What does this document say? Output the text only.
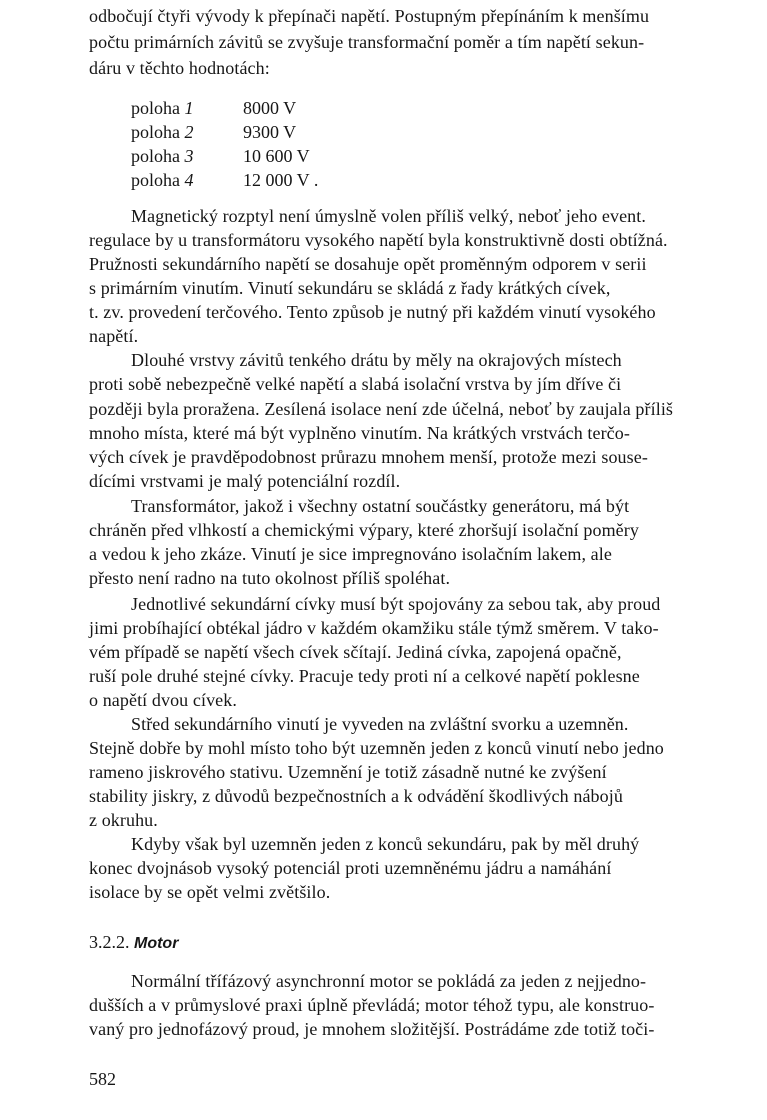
odbočují čtyři vývody k přepínači napětí. Postupným přepínáním k menšímu
počtu primárních závitů se zvyšuje transformační poměr a tím napětí sekun-
dáru v těchto hodnotách:
poloha 1	8000 V
poloha 2	9300 V
poloha 3	10 600 V
poloha 4	12 000 V .
Magnetický rozptyl není úmyslně volen příliš velký, neboť jeho event.
regulace by u transformátoru vysokého napětí byla konstruktivně dosti obtížná.
Pružnosti sekundárního napětí se dosahuje opět proměnným odporem v serii
s primárním vinutím. Vinutí sekundáru se skládá z řady krátkých cívek,
t. zv. provedení terčového. Tento způsob je nutný při každém vinutí vysokého
napětí.
Dlouhé vrstvy závitů tenkého drátu by měly na okrajových místech
proti sobě nebezpečně velké napětí a slabá isolační vrstva by jím dříve či
později byla proražena. Zesílená isolace není zde účelná, neboť by zaujala příliš
mnoho místa, které má být vyplněno vinutím. Na krátkých vrstvách terčo-
vých cívek je pravděpodobnost průrazu mnohem menší, protože mezi souse-
dícími vrstvami je malý potenciální rozdíl.
Transformátor, jakož i všechny ostatní součástky generátoru, má být
chráněn před vlhkostí a chemickými výpary, které zhoršují isolační poměry
a vedou k jeho zkáze. Vinutí je sice impregnováno isolačním lakem, ale
přesto není radno na tuto okolnost příliš spoléhat.
Jednotlivé sekundární cívky musí být spojovány za sebou tak, aby proud
jimi probíhající obtékal jádro v každém okamžiku stále týmž směrem. V tako-
vém případě se napětí všech cívek sčítají. Jediná cívka, zapojená opačně,
ruší pole druhé stejné cívky. Pracuje tedy proti ní a celkové napětí poklesne
o napětí dvou cívek.
Střed sekundárního vinutí je vyveden na zvláštní svorku a uzemněn.
Stejně dobře by mohl místo toho být uzemněn jeden z konců vinutí nebo jedno
rameno jiskrového stativu. Uzemnění je totiž zásadně nutné ke zvýšení
stability jiskry, z důvodů bezpečnostních a k odvádění škodlivých nábojů
z okruhu.
Kdyby však byl uzemněn jeden z konců sekundáru, pak by měl druhý
konec dvojnásob vysoký potenciál proti uzemněnému jádru a namáhání
isolace by se opět velmi zvětšilo.
3.2.2. Motor
Normální třífázový asynchronní motor se pokládá za jeden z nejjedno-
dušších a v průmyslové praxi úplně převládá; motor téhož typu, ale konstruo-
vaný pro jednofázový proud, je mnohem složitější. Postrádáme zde totiž toči-
582
